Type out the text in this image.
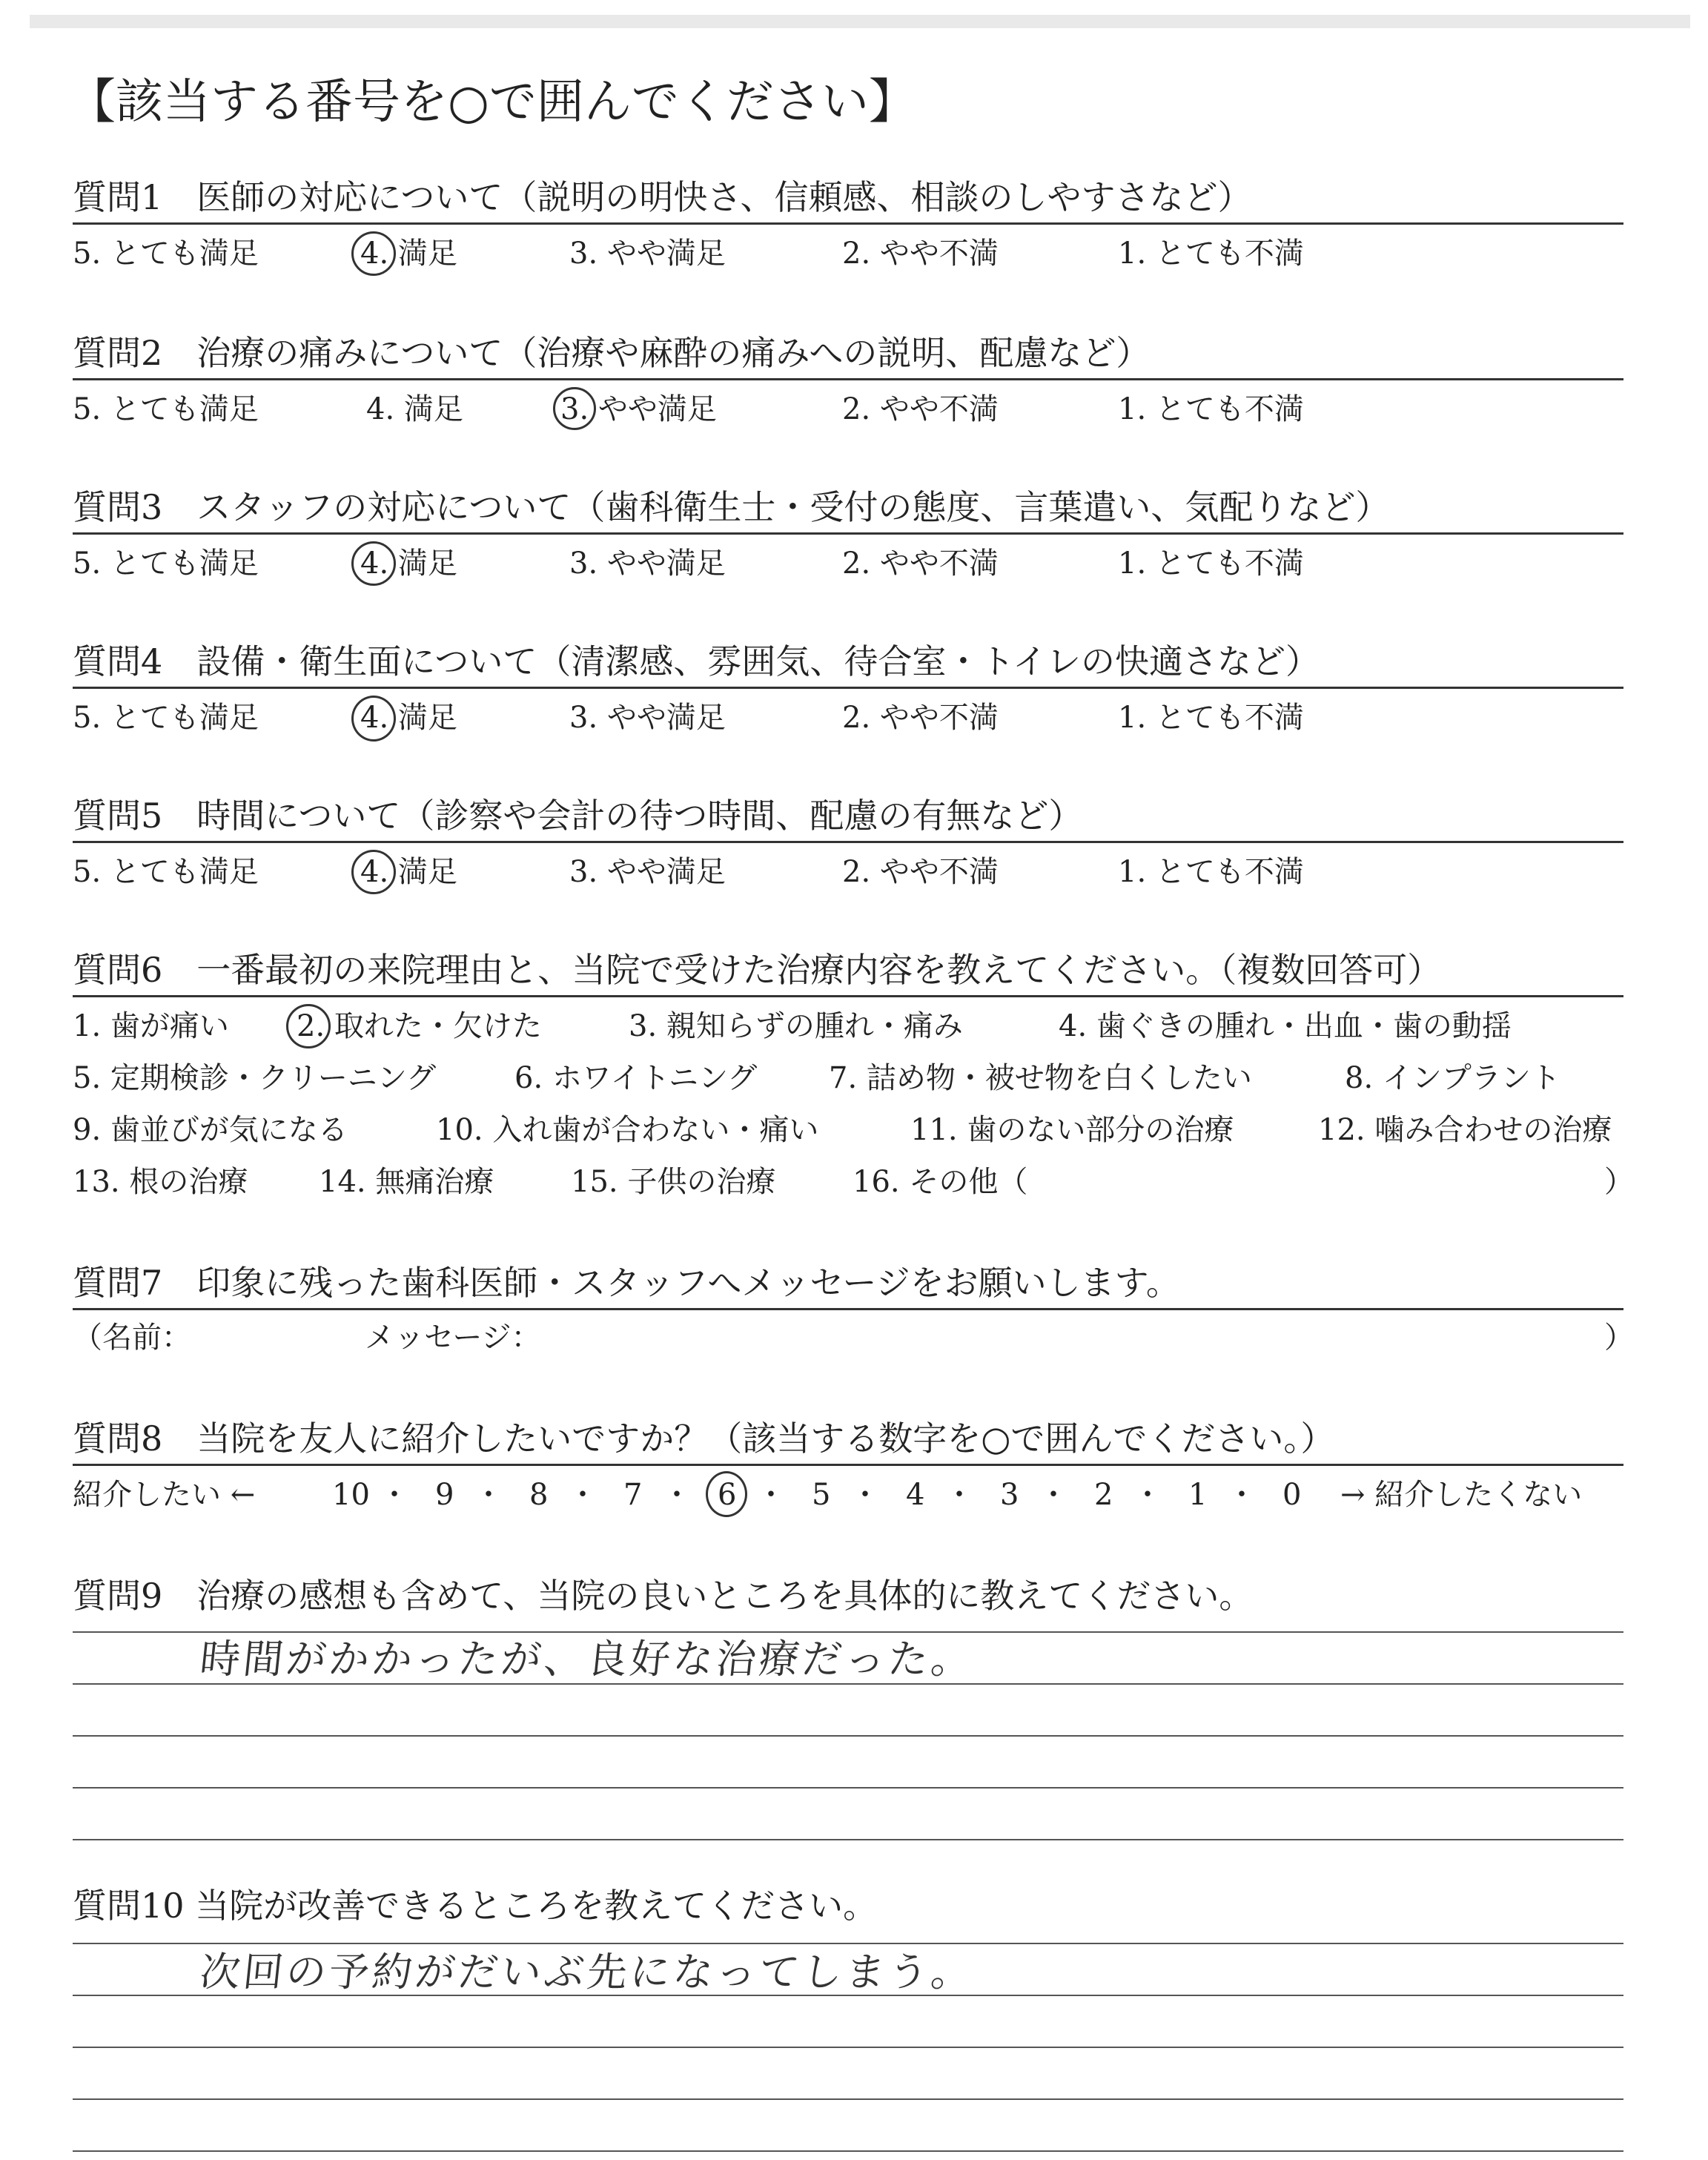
【該当する番号を○で囲んでください】
質問1　医師の対応について（説明の明快さ、信頼感、相談のしやすさなど）
5. とても満足	4. 満足	3. やや満足	2. やや不満	1. とても不満
質問2　治療の痛みについて（治療や麻酔の痛みへの説明、配慮など）
5. とても満足	4. 満足	3. やや満足	2. やや不満	1. とても不満
質問3　スタッフの対応について（歯科衛生士・受付の態度、言葉遣い、気配りなど）
5. とても満足	4. 満足	3. やや満足	2. やや不満	1. とても不満
質問4　設備・衛生面について（清潔感、雰囲気、待合室・トイレの快適さなど）
5. とても満足	4. 満足	3. やや満足	2. やや不満	1. とても不満
質問5　時間について（診察や会計の待つ時間、配慮の有無など）
5. とても満足	4. 満足	3. やや満足	2. やや不満	1. とても不満
質問6　一番最初の来院理由と、当院で受けた治療内容を教えてください。（複数回答可）
1. 歯が痛い 2. 取れた・欠けた	3. 親知らずの腫れ・痛み	4. 歯ぐきの腫れ・出血・歯の動揺
5. 定期検診・クリーニング	6. ホワイトニング 7. 詰め物・被せ物を白くしたい	8. インプラント
9. 歯並びが気になる	10. 入れ歯が合わない・痛い	11. 歯のない部分の治療	12. 噛み合わせの治療
13. 根の治療 14. 無痛治療	15. 子供の治療	16. その他（	）
質問7　印象に残った歯科医師・スタッフへメッセージをお願いします。
（名前：	メッセージ：	）
質問8　当院を友人に紹介したいですか？（該当する数字を○で囲んでください。）
紹介したい ←	10 ・ 9 ・ 8 ・ 7 ・ 6 ・ 5 ・ 4 ・ 3 ・ 2 ・ 1 ・ 0 → 紹介したくない
質問9　治療の感想も含めて、当院の良いところを具体的に教えてください。
時間がかかったが、良好な治療だった。
質問10 当院が改善できるところを教えてください。
次回の予約がだいぶ先になってしまう。
